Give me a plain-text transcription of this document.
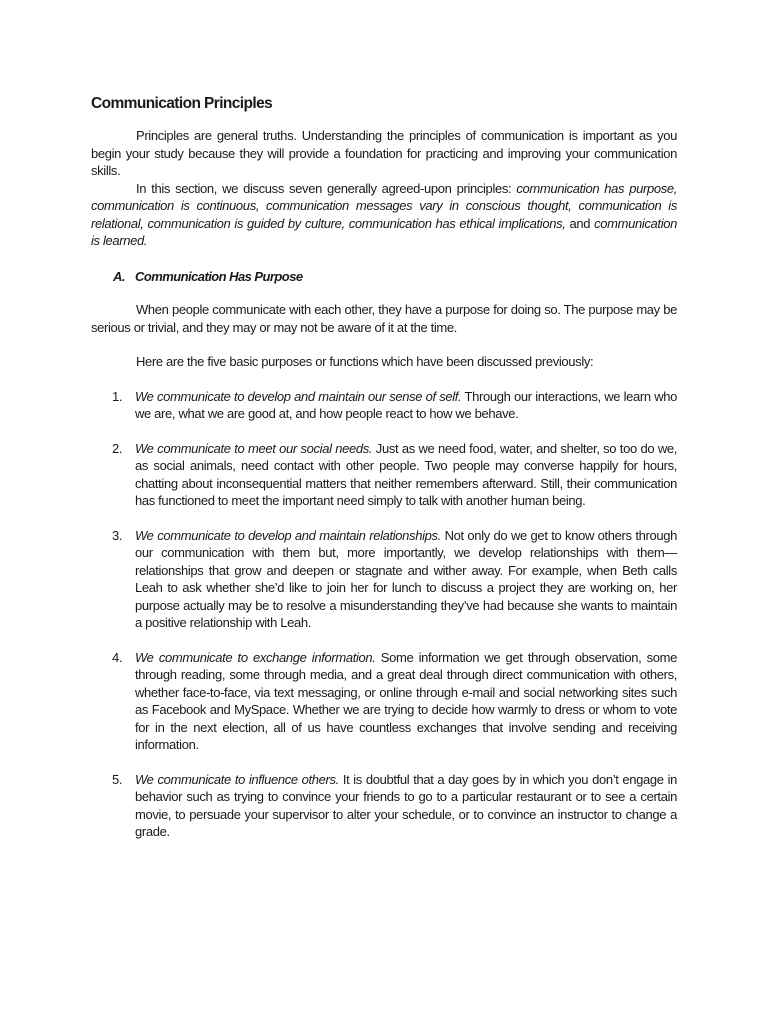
Communication Principles

Principles are general truths. Understanding the principles of communication is important as you begin your study because they will provide a foundation for practicing and improving your communication skills.

In this section, we discuss seven generally agreed-upon principles: communication has purpose, communication is continuous, communication messages vary in conscious thought, communication is relational, communication is guided by culture, communication has ethical implications, and communication is learned.

A. Communication Has Purpose

When people communicate with each other, they have a purpose for doing so. The purpose may be serious or trivial, and they may or may not be aware of it at the time.

Here are the five basic purposes or functions which have been discussed previously:

1. We communicate to develop and maintain our sense of self. Through our interactions, we learn who we are, what we are good at, and how people react to how we behave.
2. We communicate to meet our social needs. Just as we need food, water, and shelter, so too do we, as social animals, need contact with other people. Two people may converse happily for hours, chatting about inconsequential matters that neither remembers afterward. Still, their communication has functioned to meet the important need simply to talk with another human being.
3. We communicate to develop and maintain relationships. Not only do we get to know others through our communication with them but, more importantly, we develop relationships with them—relationships that grow and deepen or stagnate and wither away. For example, when Beth calls Leah to ask whether she’d like to join her for lunch to discuss a project they are working on, her purpose actually may be to resolve a misunderstanding they’ve had because she wants to maintain a positive relationship with Leah.
4. We communicate to exchange information. Some information we get through observation, some through reading, some through media, and a great deal through direct communication with others, whether face-to-face, via text messaging, or online through e-mail and social networking sites such as Facebook and MySpace. Whether we are trying to decide how warmly to dress or whom to vote for in the next election, all of us have countless exchanges that involve sending and receiving information.
5. We communicate to influence others. It is doubtful that a day goes by in which you don’t engage in behavior such as trying to convince your friends to go to a particular restaurant or to see a certain movie, to persuade your supervisor to alter your schedule, or to convince an instructor to change a grade.
